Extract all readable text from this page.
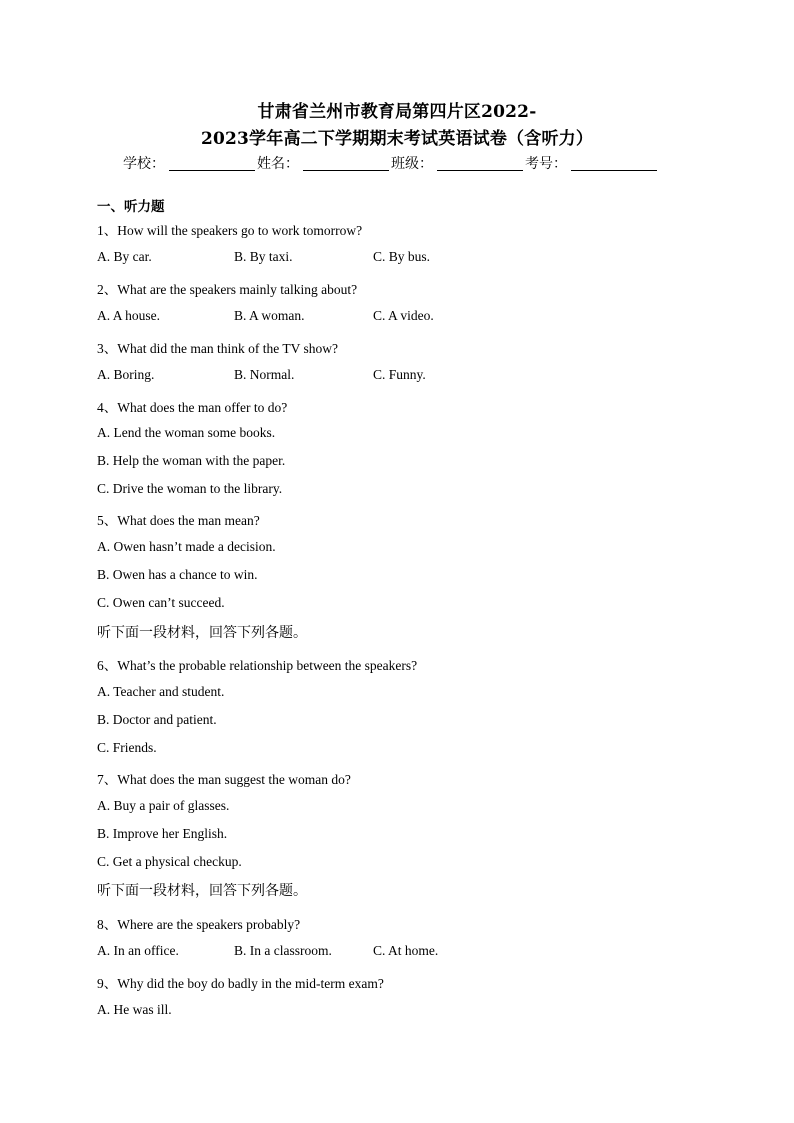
甘肃省兰州市教育局第四片区2022-
2023学年高二下学期期末考试英语试卷（含听力）
学校：	姓名：	班级：	考号：
一、听力题
1、How will the speakers go to work tomorrow?
A. By car.	B. By taxi.	C. By bus.
2、What are the speakers mainly talking about?
A. A house.	B. A woman.	C. A video.
3、What did the man think of the TV show?
A. Boring.	B. Normal.	C. Funny.
4、What does the man offer to do?
A. Lend the woman some books.
B. Help the woman with the paper.
C. Drive the woman to the library.
5、What does the man mean?
A. Owen hasn’t made a decision.
B. Owen has a chance to win.
C. Owen can’t succeed.
听下面一段材料，回答下列各题。
6、What’s the probable relationship between the speakers?
A. Teacher and student.
B. Doctor and patient.
C. Friends.
7、What does the man suggest the woman do?
A. Buy a pair of glasses.
B. Improve her English.
C. Get a physical checkup.
听下面一段材料，回答下列各题。
8、Where are the speakers probably?
A. In an office.	B. In a classroom.	C. At home.
9、Why did the boy do badly in the mid-term exam?
A. He was ill.
